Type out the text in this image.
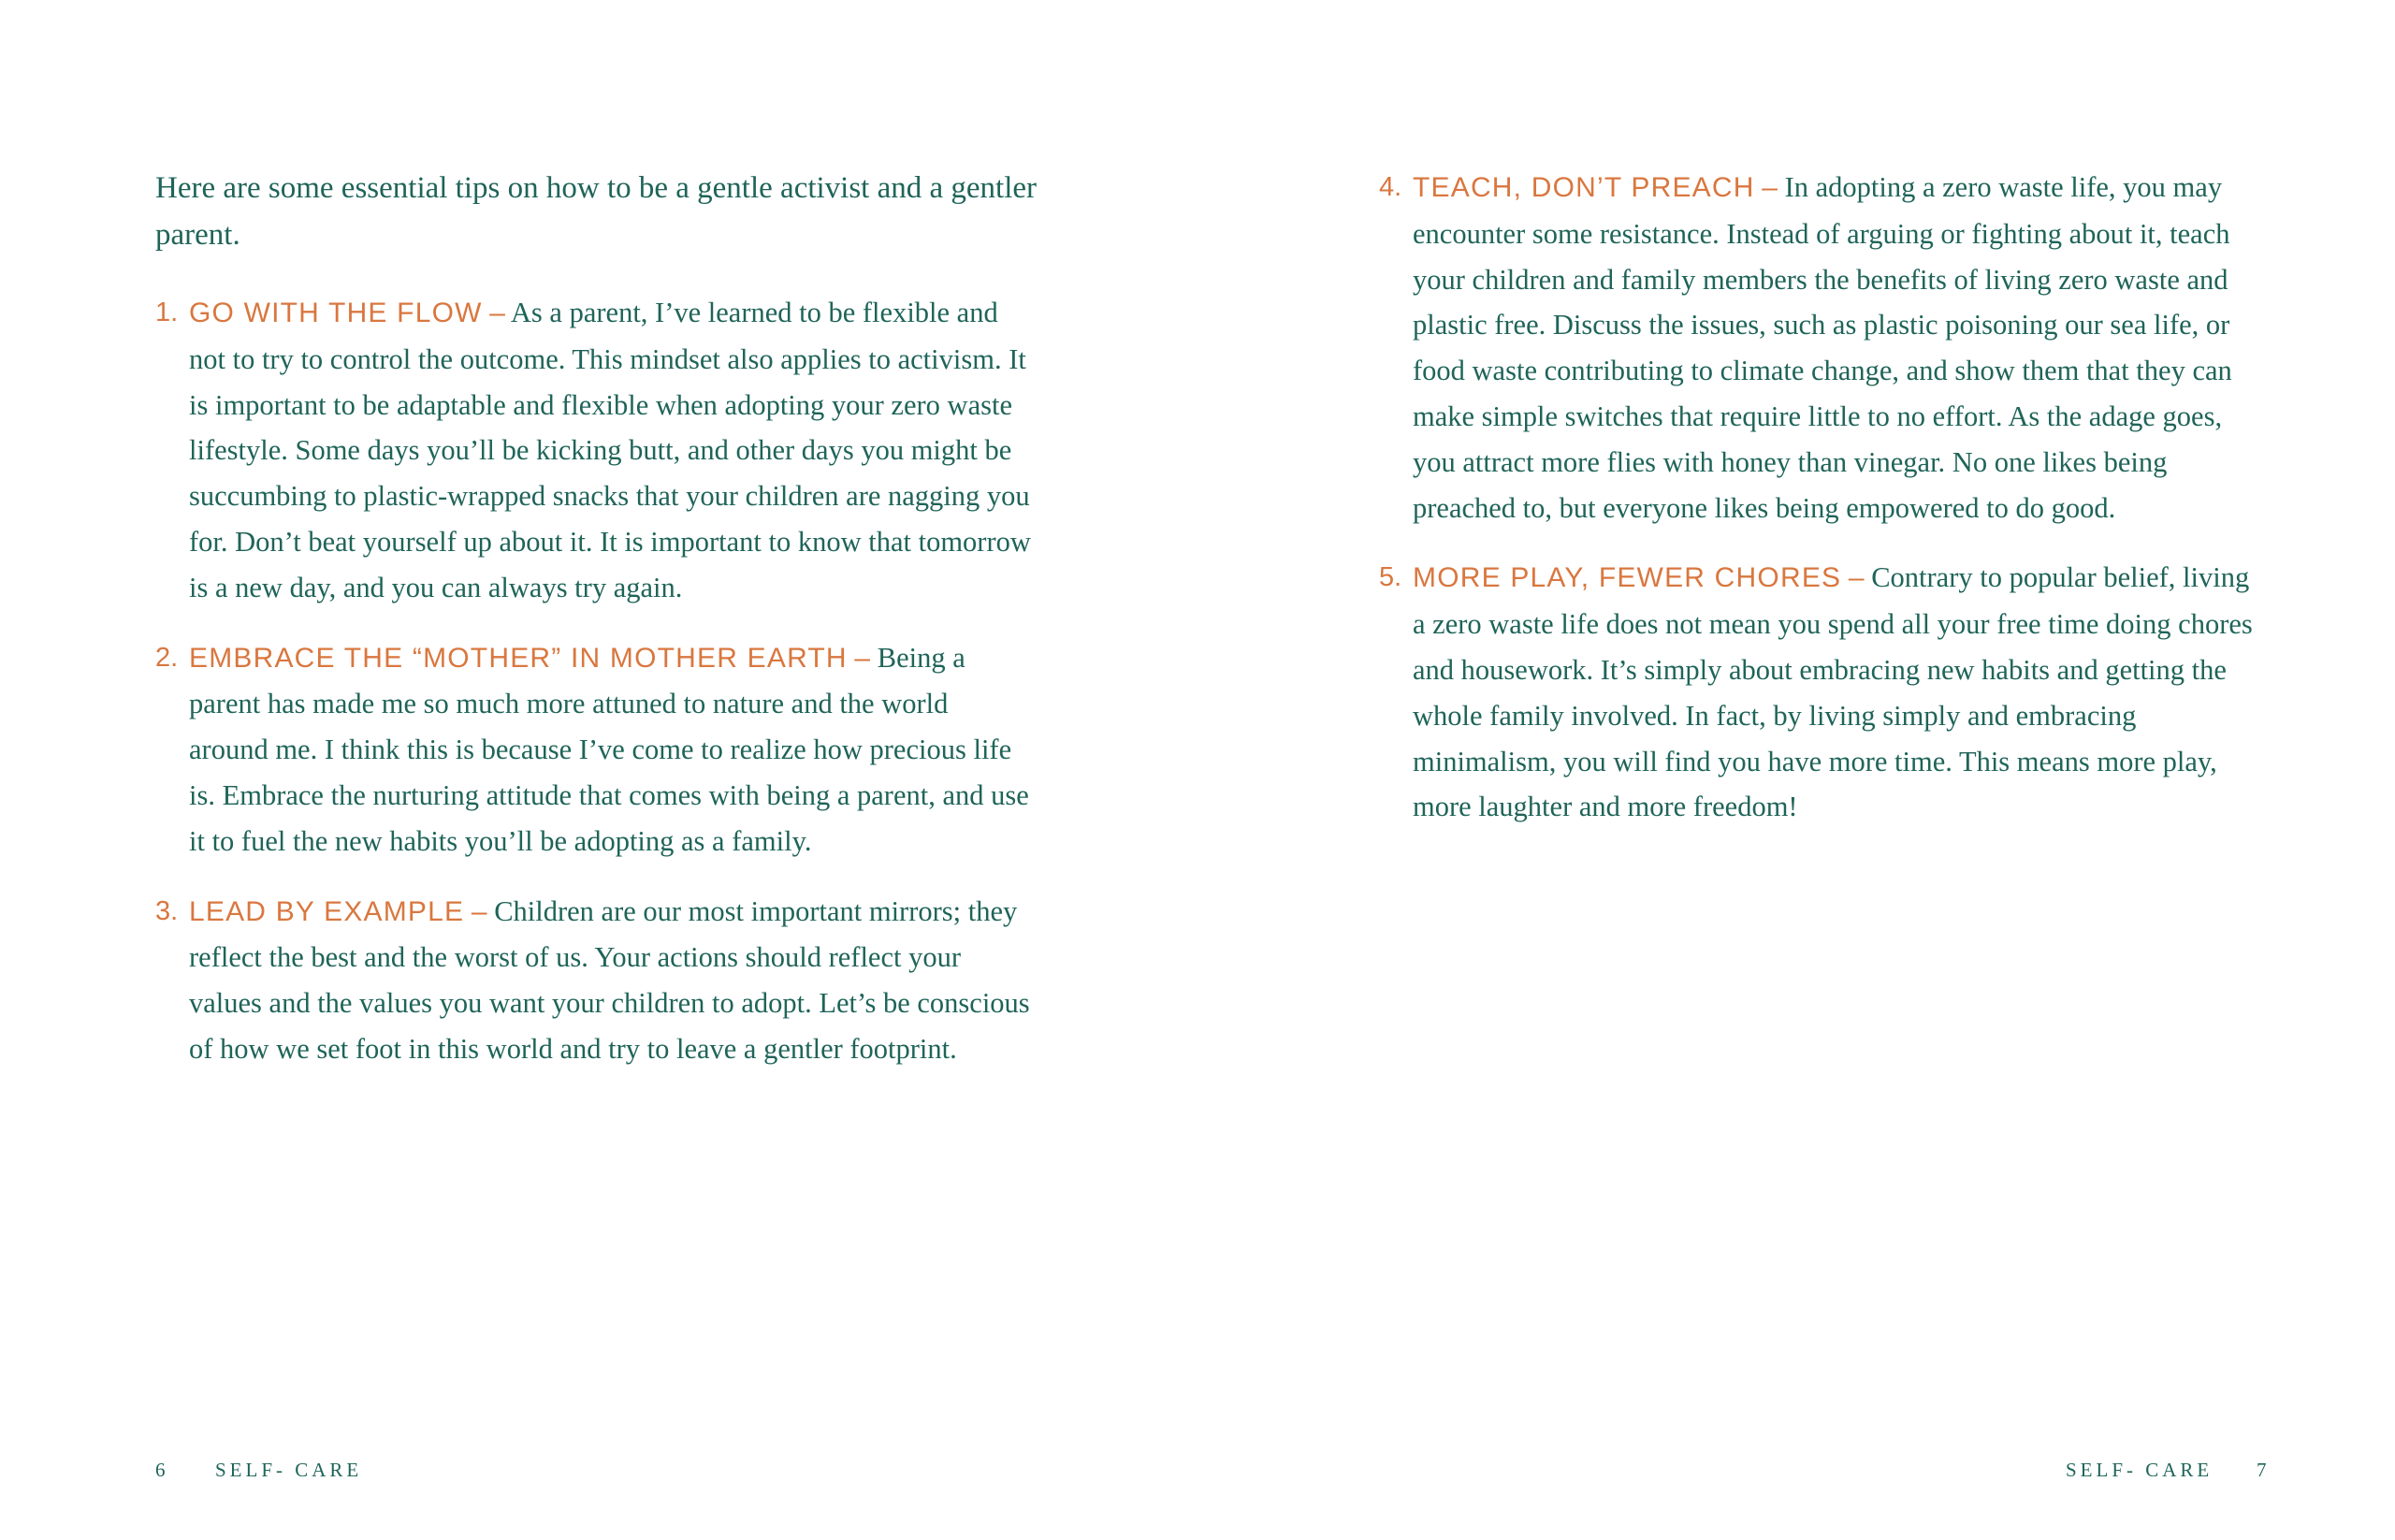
Here are some essential tips on how to be a gentle activist and a gentler parent.

1. GO WITH THE FLOW – As a parent, I’ve learned to be flexible and not to try to control the outcome. This mindset also applies to activism. It is important to be adaptable and flexible when adopting your zero waste lifestyle. Some days you’ll be kicking butt, and other days you might be succumbing to plastic-wrapped snacks that your children are nagging you for. Don’t beat yourself up about it. It is important to know that tomorrow is a new day, and you can always try again.
2. EMBRACE THE “MOTHER” IN MOTHER EARTH – Being a parent has made me so much more attuned to nature and the world around me. I think this is because I’ve come to realize how precious life is. Embrace the nurturing attitude that comes with being a parent, and use it to fuel the new habits you’ll be adopting as a family.
3. LEAD BY EXAMPLE – Children are our most important mirrors; they reflect the best and the worst of us. Your actions should reflect your values and the values you want your children to adopt. Let’s be conscious of how we set foot in this world and try to leave a gentler footprint.
6	SELF- CARE
4. TEACH, DON’T PREACH – In adopting a zero waste life, you may encounter some resistance. Instead of arguing or fighting about it, teach your children and family members the benefits of living zero waste and plastic free. Discuss the issues, such as plastic poisoning our sea life, or food waste contributing to climate change, and show them that they can make simple switches that require little to no effort. As the adage goes, you attract more flies with honey than vinegar. No one likes being preached to, but everyone likes being empowered to do good.
5. MORE PLAY, FEWER CHORES – Contrary to popular belief, living a zero waste life does not mean you spend all your free time doing chores and housework. It’s simply about embracing new habits and getting the whole family involved. In fact, by living simply and embracing minimalism, you will find you have more time. This means more play, more laughter and more freedom!
SELF- CARE 7
